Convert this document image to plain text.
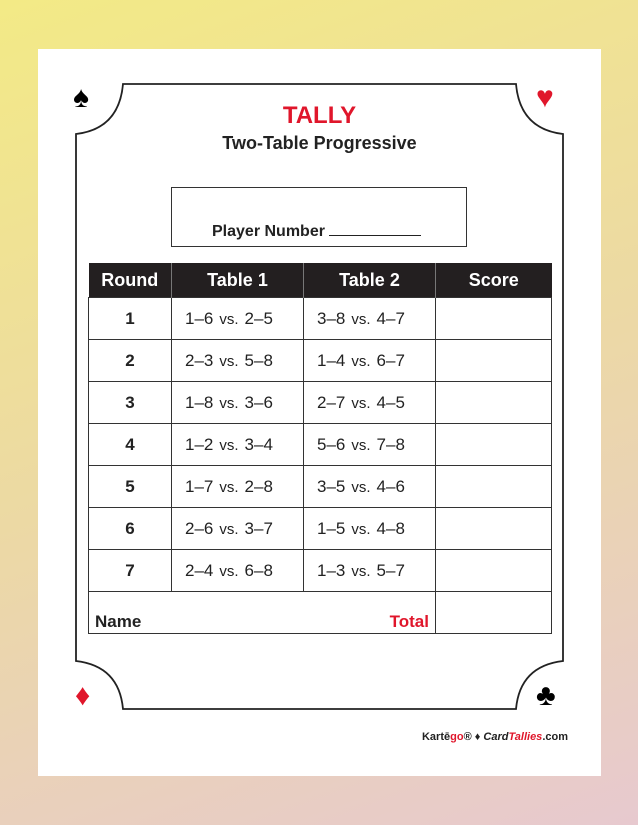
♠	♥
♦	♣
TALLY
Two-Table Progressive
Player Number
Round	Table 1	Table 2	Score
1	1–6 vs. 2–5	3–8 vs. 4–7	
2	2–3 vs. 5–8	1–4 vs. 6–7	
3	1–8 vs. 3–6	2–7 vs. 4–5	
4	1–2 vs. 3–4	5–6 vs. 7–8	
5	1–7 vs. 2–8	3–5 vs. 4–6	
6	2–6 vs. 3–7	1–5 vs. 4–8	
7	2–4 vs. 6–8	1–3 vs. 5–7	

Name Total			

Kartēgo® ♦ CardTallies.com
